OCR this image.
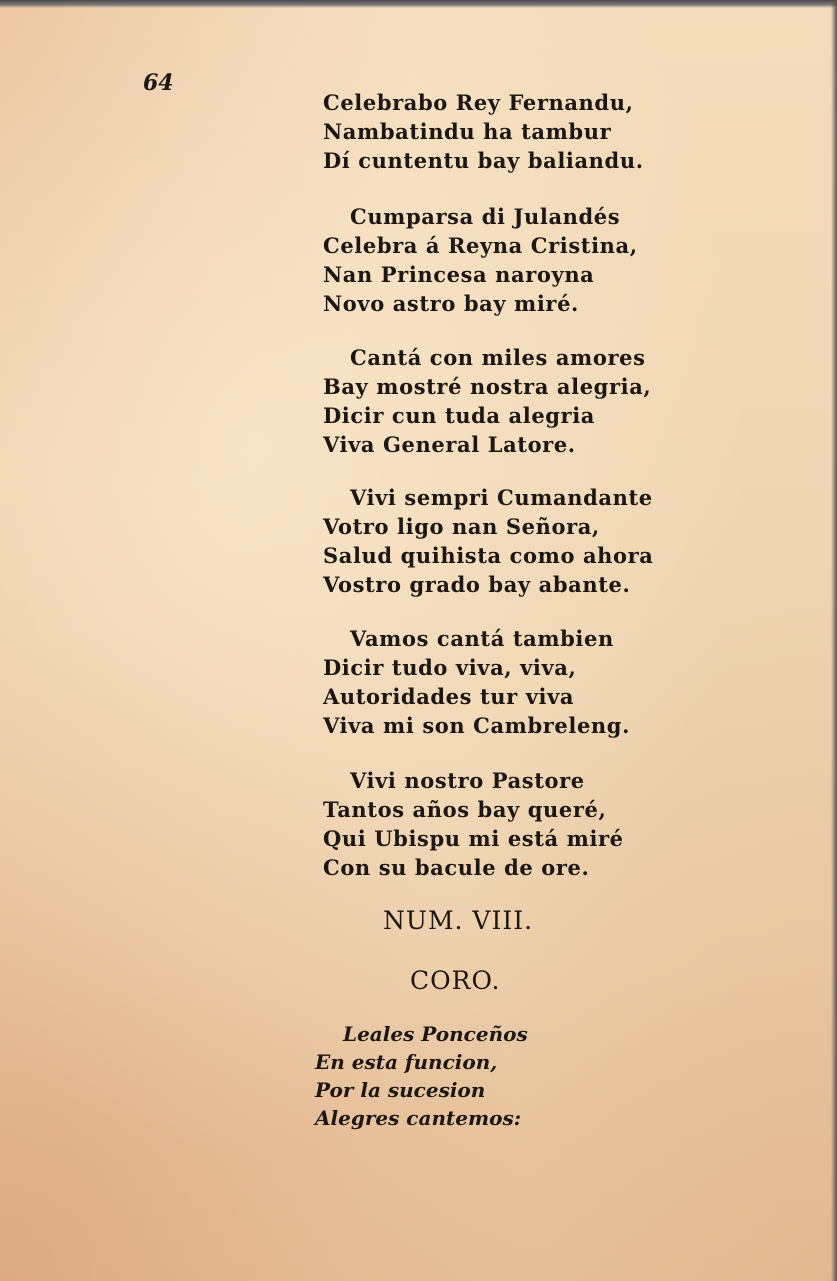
64
Celebrabo Rey Fernandu,
Nambatindu ha tambur
Dí cuntentu bay baliandu.
Cumparsa di Julandés
Celebra á Reyna Cristina,
Nan Princesa naroyna
Novo astro bay miré.
Cantá con miles amores
Bay mostré nostra alegria,
Dicir cun tuda alegria
Viva General Latore.
Vivi sempri Cumandante
Votro ligo nan Señora,
Salud quihista como ahora
Vostro grado bay abante.
Vamos cantá tambien
Dicir tudo viva, viva,
Autoridades tur viva
Viva mi son Cambreleng.
Vivi nostro Pastore
Tantos años bay queré,
Qui Ubispu mi está miré
Con su bacule de ore.
NUM. VIII.
CORO.
Leales Ponceños
En esta funcion,
Por la sucesion
Alegres cantemos:
